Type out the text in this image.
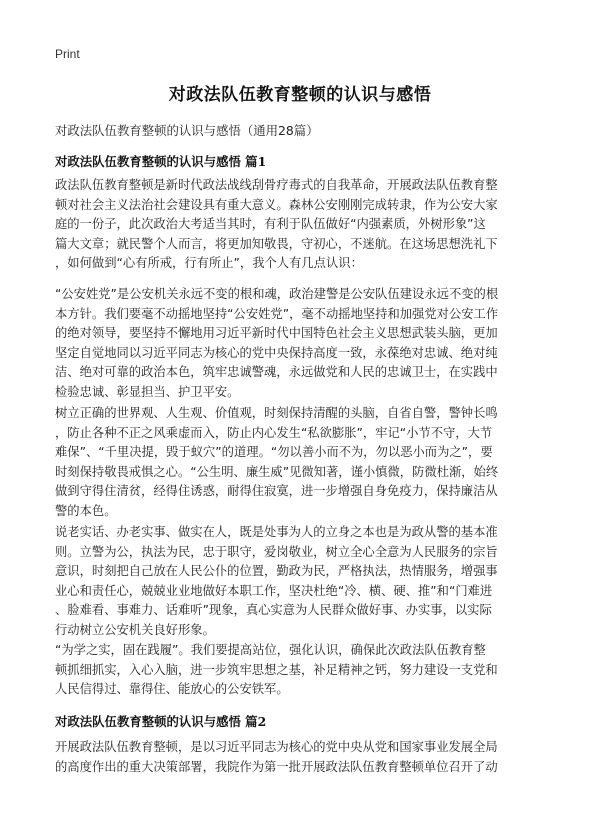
Print
对政法队伍教育整顿的认识与感悟
对政法队伍教育整顿的认识与感悟（通用28篇）
对政法队伍教育整顿的认识与感悟 篇1

政法队伍教育整顿是新时代政法战线刮骨疗毒式的自我革命，开展政法队伍教育整
顿对社会主义法治社会建设具有重大意义。森林公安刚刚完成转隶，作为公安大家
庭的一份子，此次政治大考适当其时，有利于队伍做好“内强素质，外树形象”这
篇大文章；就民警个人而言，将更加知敬畏，守初心，不迷航。在这场思想洗礼下
，如何做到“心有所戒，行有所止”，我个人有几点认识：

“公安姓党”是公安机关永远不变的根和魂，政治建警是公安队伍建设永远不变的根
本方针。我们要毫不动摇地坚持“公安姓党”，毫不动摇地坚持和加强党对公安工作
的绝对领导，要坚持不懈地用习近平新时代中国特色社会主义思想武装头脑，更加
坚定自觉地同以习近平同志为核心的党中央保持高度一致，永葆绝对忠诚、绝对纯
洁、绝对可靠的政治本色，筑牢忠诚警魂，永远做党和人民的忠诚卫士，在实践中
检验忠诚、彰显担当、护卫平安。

树立正确的世界观、人生观、价值观，时刻保持清醒的头脑，自省自警，警钟长鸣
，防止各种不正之风乘虚而入，防止内心发生“私欲膨胀”，牢记“小节不守，大节
难保”、“千里决提，毁于蚁穴”的道理。“勿以善小而不为，勿以恶小而为之”，要
时刻保持敬畏戒惧之心。“公生明、廉生威”见微知著，谨小慎微，防微杜渐，始终
做到守得住清贫，经得住诱惑，耐得住寂寞，进一步增强自身免疫力，保持廉洁从
警的本色。

说老实话、办老实事、做实在人，既是处事为人的立身之本也是为政从警的基本准
则。立警为公，执法为民，忠于职守，爱岗敬业，树立全心全意为人民服务的宗旨
意识，时刻把自己放在人民公仆的位置，勤政为民，严格执法，热情服务，增强事
业心和责任心，兢兢业业地做好本职工作，坚决杜绝“冷、横、硬、推”和“门难进
、脸难看、事难力、话难听”现象，真心实意为人民群众做好事、办实事，以实际
行动树立公安机关良好形象。

“为学之实，固在践履”。我们要提高站位，强化认识，确保此次政法队伍教育整
顿抓细抓实，入心入脑，进一步筑牢思想之基，补足精神之钙，努力建设一支党和
人民信得过、靠得住、能放心的公安铁军。

对政法队伍教育整顿的认识与感悟 篇2

开展政法队伍教育整顿，是以习近平同志为核心的党中央从党和国家事业发展全局
的高度作出的重大决策部署，我院作为第一批开展政法队伍教育整顿单位召开了动
